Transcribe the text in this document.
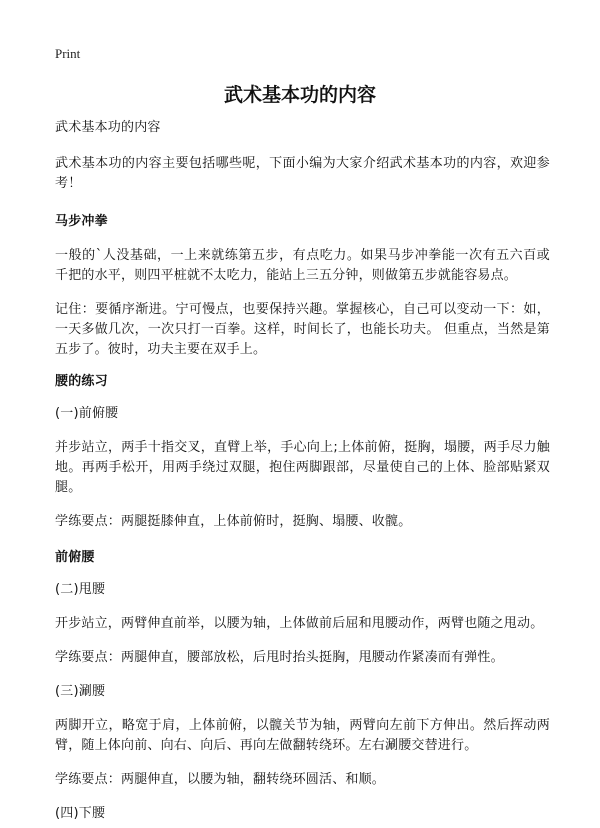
Print
武术基本功的内容

武术基本功的内容

武术基本功的内容主要包括哪些呢，下面小编为大家介绍武术基本功的内容，欢迎参考！

马步冲拳

一般的`人没基础，一上来就练第五步，有点吃力。如果马步冲拳能一次有五六百或千把的水平，则四平桩就不太吃力，能站上三五分钟，则做第五步就能容易点。

记住：要循序渐进。宁可慢点，也要保持兴趣。掌握核心，自己可以变动一下：如，一天多做几次，一次只打一百拳。这样，时间长了，也能长功夫。 但重点，当然是第五步了。彼时，功夫主要在双手上。

腰的练习

(一)前俯腰

并步站立，两手十指交叉，直臂上举，手心向上;上体前俯，挺胸，塌腰，两手尽力触地。再两手松开，用两手绕过双腿，抱住两脚跟部，尽量使自己的上体、脸部贴紧双腿。

学练要点：两腿挺膝伸直，上体前俯时，挺胸、塌腰、收髋。

前俯腰

(二)甩腰

开步站立，两臂伸直前举，以腰为轴，上体做前后屈和甩腰动作，两臂也随之甩动。

学练要点：两腿伸直，腰部放松，后甩时抬头挺胸，甩腰动作紧凑而有弹性。

(三)涮腰

两脚开立，略宽于肩，上体前俯，以髋关节为轴，两臂向左前下方伸出。然后挥动两臂，随上体向前、向右、向后、再向左做翻转绕环。左右涮腰交替进行。

学练要点：两腿伸直，以腰为轴，翻转绕环圆活、和顺。

(四)下腰
